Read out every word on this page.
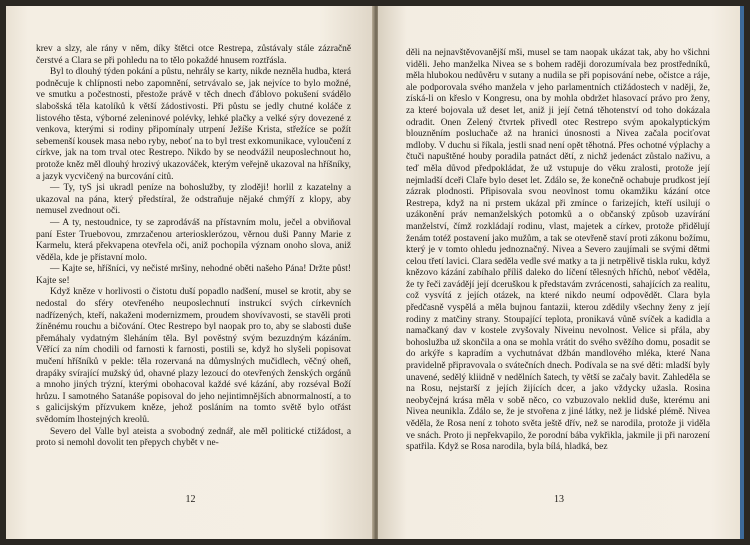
krev a slzy, ale rány v něm, díky štětci otce Restrepa, zůstávaly stále zázračně čerstvé a Clara se při pohledu na to tělo pokaždé hnusem roztřásla.

Byl to dlouhý týden pokání a půstu, nehrály se karty, nikde nezněla hudba, která podněcuje k chlípnosti nebo zapomnění, setrvávalo se, jak nejvíce to bylo možné, ve smutku a počestnosti, přestože právě v těch dnech ďáblovo pokušení svádělo slabošská těla katolíků k větší žádostivosti. Při půstu se jedly chutné koláče z listového těsta, výborné zeleninové polévky, lehké plačky a velké sýry dovezené z venkova, kterými si rodiny připomínaly utrpení Ježíše Krista, střežíce se požít sebemenší kousek masa nebo ryby, neboť na to byl trest exkomunikace, vyloučení z církve, jak na tom trval otec Restrepo. Nikdo by se neodvážil neuposlechnout ho, protože kněz měl dlouhý hrozivý ukazováček, kterým veřejně ukazoval na hříšníky, a jazyk vycvičený na burcování citů.

— Ty, tyS jsi ukradl peníze na bohoslužby, ty zloději! horlil z kazatelny a ukazoval na pána, který předstíral, že odstraňuje nějaké chmýří z klopy, aby nemusel zvednout oči.

— A ty, nestoudnice, ty se zaprodáváš na přístavním molu, ječel a obviňoval paní Ester Truebovou, zmrzačenou arteriosklerózou, věrnou duši Panny Marie z Karmelu, která překvapena otevřela oči, aniž pochopila význam onoho slova, aniž věděla, kde je přístavní molo.

— Kajte se, hříšníci, vy nečisté mršiny, nehodné oběti našeho Pána! Držte půst! Kajte se!

Když kněze v horlivosti o čistotu duší popadlo nadšení, musel se krotit, aby se nedostal do sféry otevřeného neuposlechnutí instrukcí svých církevních nadřízených, kteří, nakaženi modernizmem, proudem shovívavosti, se stavěli proti žíněnému rouchu a bičování. Otec Restrepo byl naopak pro to, aby se slabosti duše přemáhaly vydatným šleháním těla. Byl pověstný svým bezuzdným kázáním. Věřící za ním chodili od farnosti k farnosti, postili se, když ho slyšeli popisovat mučení hříšníků v pekle: těla rozervaná na důmyslných mučidlech, věčný oheň, drapáky svírající mužský úd, ohavné plazy lezoucí do otevřených ženských orgánů a mnoho jiných trýzní, kterými obohacoval každé své kázání, aby rozséval Boží hrůzu. I samotného Satanáše popisoval do jeho nejintimnějších abnormalností, a to s galicijským přízvukem kněze, jehož posláním na tomto světě bylo otřást svědomím lhostejných kreolů.

Severo del Valle byl ateista a svobodný zednář, ale měl politické ctižádost, a proto si nemohl dovolit ten přepych chybět v ne-

12

děli na nejnavštěvovanější mši, musel se tam naopak ukázat tak, aby ho všichni viděli. Jeho manželka Nivea se s bohem raději dorozumívala bez prostředníků, měla hlubokou nedůvěru v sutany a nudila se při popisování nebe, očistce a ráje, ale podporovala svého manžela v jeho parlamentních ctižádostech v naději, že, získá-li on křeslo v Kongresu, ona by mohla obdržet hlasovací právo pro ženy, za které bojovala už deset let, aniž ji její četná těhotenství od toho dokázala odradit. Onen Zelený čtvrtek přivedl otec Restrepo svým apokalyptickým blouzněním posluchače až na hranici únosnosti a Nivea začala pociťovat mdloby. V duchu si říkala, jestli snad není opět těhotná. Přes ochotné výplachy a čtuči napuštěné houby poradila patnáct dětí, z nichž jedenáct zůstalo naživu, a teď měla důvod předpokládat, že už vstupuje do věku zralosti, protože její nejmladší dceři Claře bylo deset let. Zdálo se, že konečně ochabuje prudkost její zázrak plodnosti. Připisovala svou neovlnost tomu okamžiku kázání otce Restrepa, když na ni prstem ukázal při zmínce o farizejích, kteří usilují o uzákonění práv nemanželských potomků a o občanský způsob uzavírání manželství, čímž rozkládají rodinu, vlast, majetek a církev, protože přidělují ženám totéž postavení jako mužům, a tak se otevřeně staví proti zákonu božímu, který je v tomto ohledu jednoznačný. Nivea a Severo zaujímali se svými dětmi celou třetí lavici. Clara seděla vedle své matky a ta ji netrpělivě tiskla ruku, když knězovo kázání zabíhalo příliš daleko do líčení tělesných hříchů, neboť věděla, že ty řeči zavádějí její dceruškou k představám zvrácenosti, sahajících za realitu, což vysvítá z jejích otázek, na které nikdo neumí odpovědět. Clara byla předčasně vyspělá a měla bujnou fantazii, kterou zdědily všechny ženy z její rodiny z matčiny strany. Stoupající teplota, pronikavá vůně svíček a kadidla a namačkaný dav v kostele zvyšovaly Niveinu nevolnost. Velice si přála, aby bohoslužba už skončila a ona se mohla vrátit do svého svěžího domu, posadit se do arkýře s kapradím a vychutnávat džbán mandlového mléka, které Nana pravidelně připravovala o svátečních dnech. Podívala se na své děti: mladší byly unavené, sedělý kliidně v nedělních šatech, ty větší se začaly bavit. Zahleděla se na Rosu, nejstarší z jejích žijících dcer, a jako vždycky užasla. Rosina neobyčejná krása měla v sobě něco, co vzbuzovalo neklid duše, kterému ani Nivea neunikla. Zdálo se, že je stvořena z jiné látky, než je lidské plémě. Nivea věděla, že Rosa není z tohoto světa ještě dřív, než se narodila, protože ji viděla ve snách. Proto ji nepřekvapilo, že porodní bába vykřikla, jakmile ji při narození spatřila. Když se Rosa narodila, byla bílá, hladká, bez

13
